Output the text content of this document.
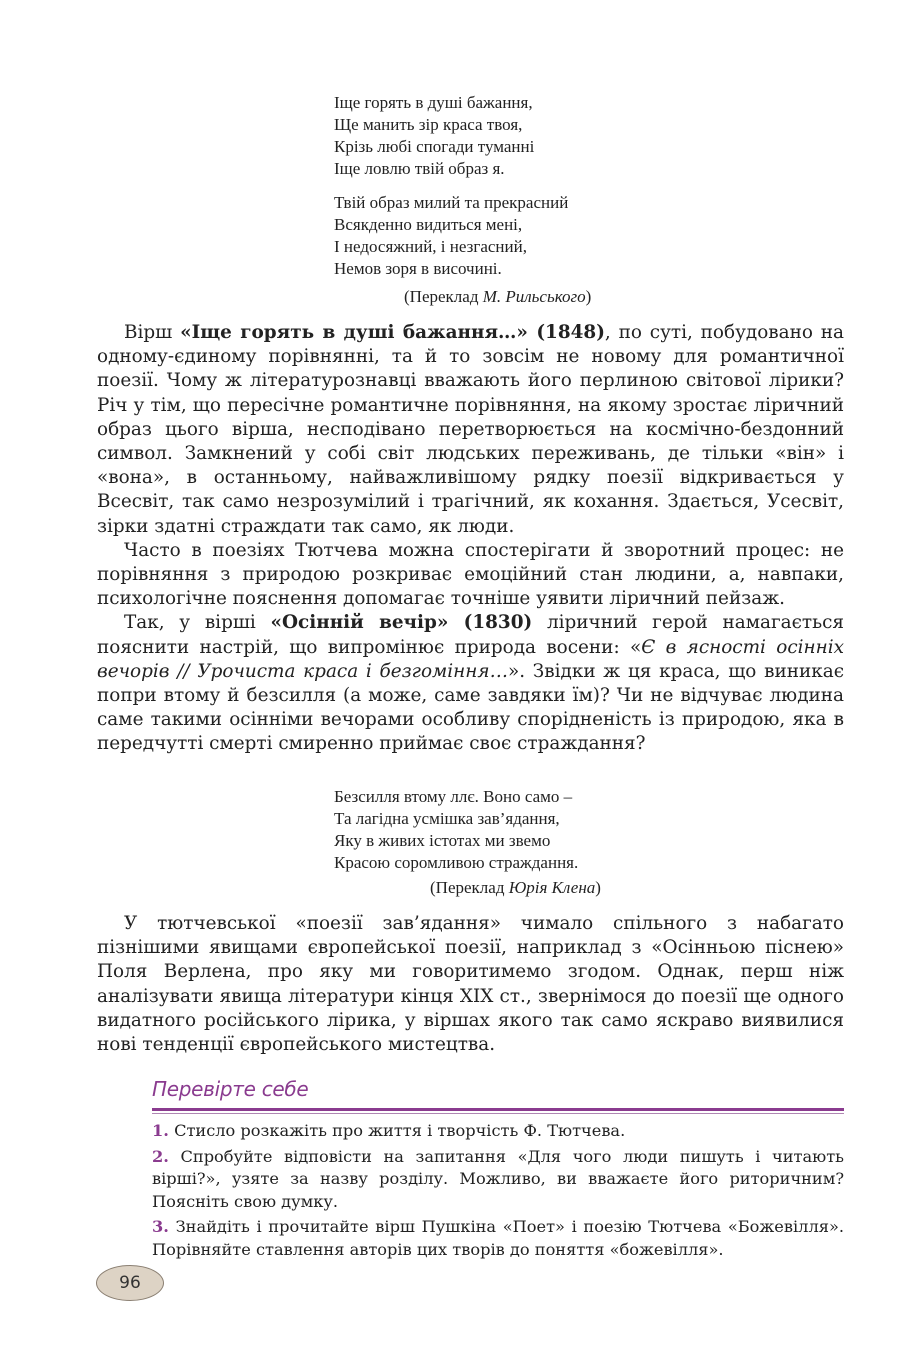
Іще горять в душі бажання,
Ще манить зір краса твоя,
Крізь любі спогади туманні
Іще ловлю твій образ я.
Твій образ милий та прекрасний
Всякденно видиться мені,
І недосяжний, і незгасний,
Немов зоря в височині.
(Переклад М. Рильського)

Вірш «Іще горять в душі бажання…» (1848), по суті, побудовано на одному-єдиному порівнянні, та й то зовсім не новому для романтичної поезії. Чому ж літературознавці вважають його перлиною світової лірики? Річ у тім, що пересічне романтичне порівняння, на якому зростає ліричний образ цього вірша, несподівано перетворюється на космічно-бездонний символ. Замкнений у собі світ людських переживань, де тільки «він» і «вона», в останньому, найважливішому рядку поезії відкривається у Всесвіт, так само незрозумілий і трагічний, як кохання. Здається, Усесвіт, зірки здатні страждати так само, як люди.

Часто в поезіях Тютчева можна спостерігати й зворотний процес: не порівняння з природою розкриває емоційний стан людини, а, навпаки, психологічне пояснення допомагає точніше уявити ліричний пейзаж.

Так, у вірші «Осінній вечір» (1830) ліричний герой намагається пояснити настрій, що випромінює природа восени: «Є в ясності осінніх вечорів // Урочиста краса і безгоміння…». Звідки ж ця краса, що виникає попри втому й безсилля (а може, саме завдяки їм)? Чи не відчуває людина саме такими осінніми вечорами особливу спорідненість із природою, яка в передчутті смерті смиренно приймає своє страждання?

Безсилля втому ллє. Воно само –
Та лагідна усмішка зав’ядання,
Яку в живих істотах ми звемо
Красою соромливою страждання.
(Переклад Юрія Клена)

У тютчевської «поезії зав’ядання» чимало спільного з набагато пізнішими явищами європейської поезії, наприклад з «Осінньою піснею» Поля Верлена, про яку ми говоритимемо згодом. Однак, перш ніж аналізувати явища літератури кінця XIX ст., звернімося до поезії ще одного видатного російського лірика, у віршах якого так само яскраво виявилися нові тенденції європейського мистецтва.

Перевірте себе
1. Стисло розкажіть про життя і творчість Ф. Тютчева.
2. Спробуйте відповісти на запитання «Для чого люди пишуть і читають вірші?», узяте за назву розділу. Можливо, ви вважаєте його риторичним? Поясніть свою думку.
3. Знайдіть і прочитайте вірш Пушкіна «Поет» і поезію Тютчева «Божевілля». Порівняйте ставлення авторів цих творів до поняття «божевілля».
96
